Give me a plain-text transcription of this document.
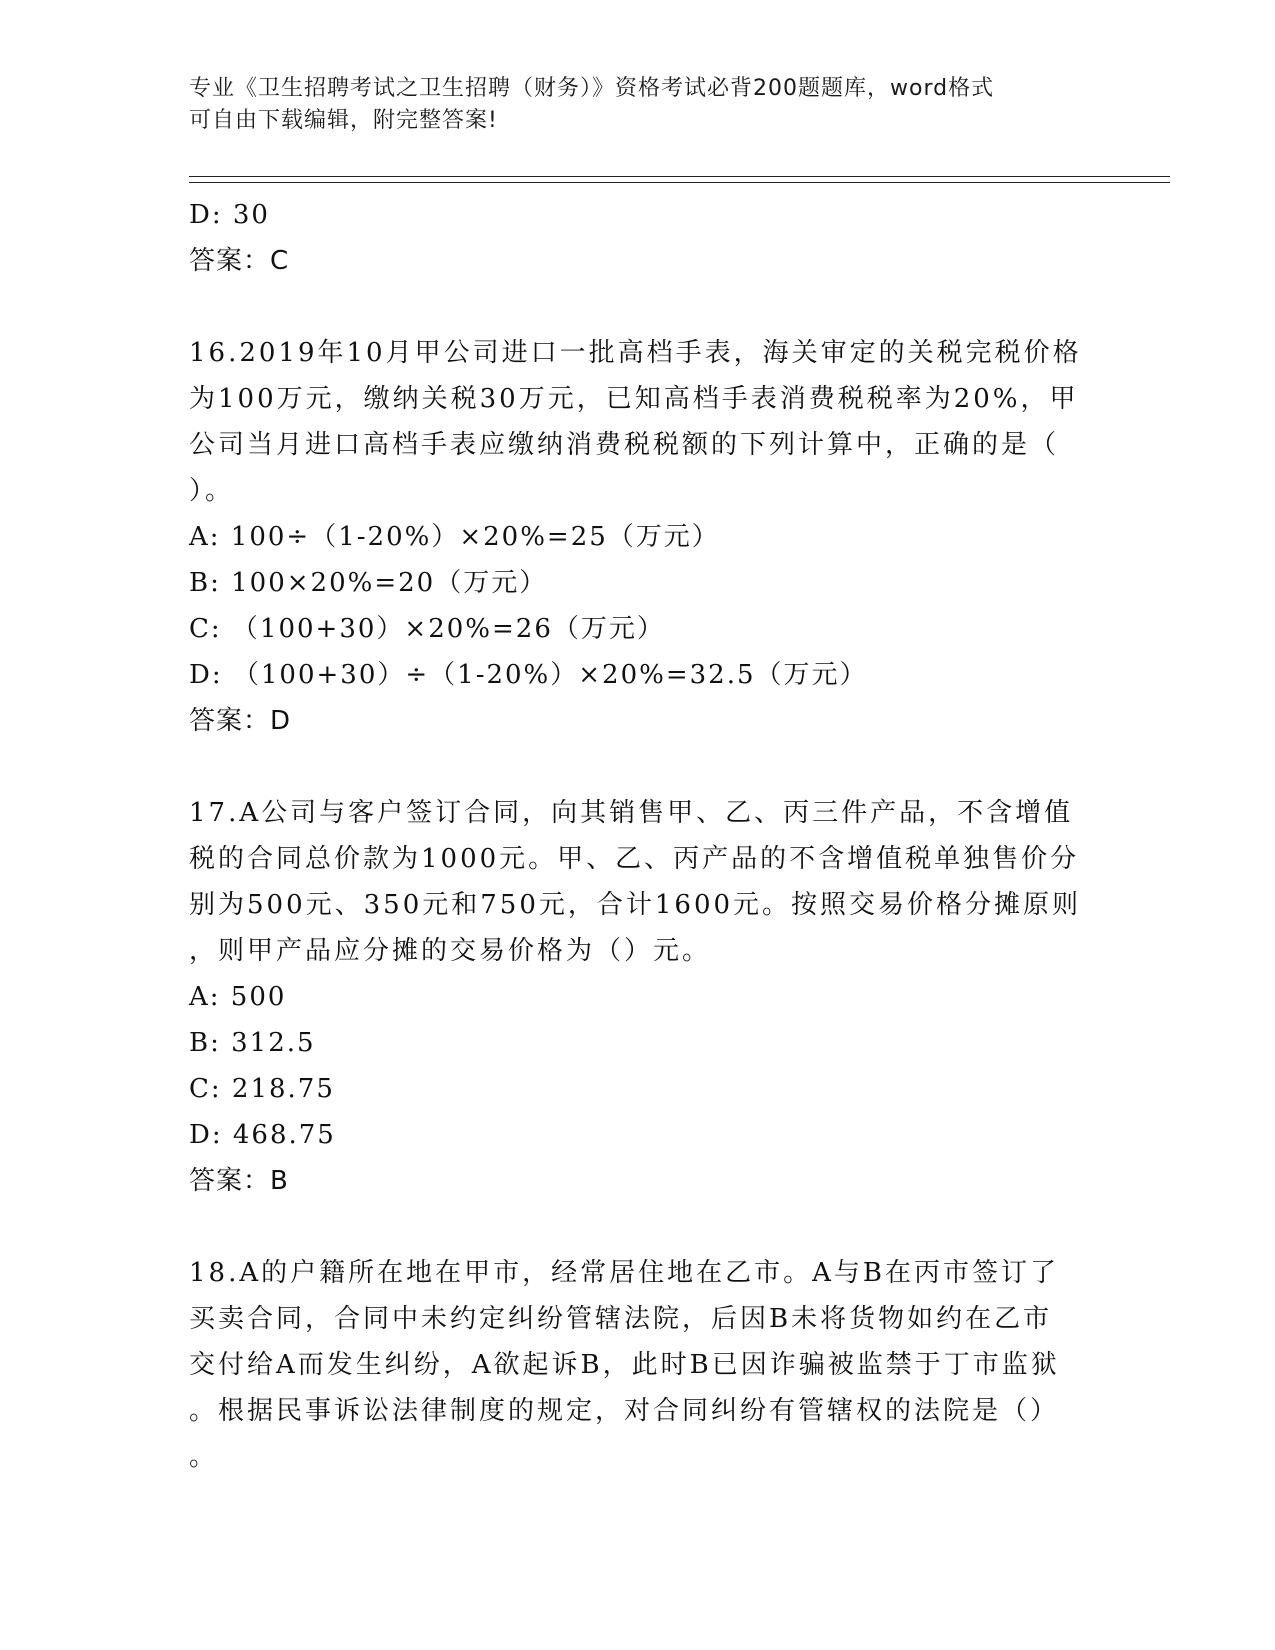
专业《卫生招聘考试之卫生招聘（财务）》资格考试必背200题题库，word格式
可自由下载编辑，附完整答案!
D: 30
答案：C
16.2019年10月甲公司进口一批高档手表，海关审定的关税完税价格
为100万元，缴纳关税30万元，已知高档手表消费税税率为20%，甲
公司当月进口高档手表应缴纳消费税税额的下列计算中，正确的是（
）。
A: 100÷（1-20%）×20%=25（万元）
B: 100×20%=20（万元）
C: （100+30）×20%=26（万元）
D: （100+30）÷（1-20%）×20%=32.5（万元）
答案：D
17.A公司与客户签订合同，向其销售甲、乙、丙三件产品，不含增值
税的合同总价款为1000元。甲、乙、丙产品的不含增值税单独售价分
别为500元、350元和750元，合计1600元。按照交易价格分摊原则
，则甲产品应分摊的交易价格为（）元。
A: 500
B: 312.5
C: 218.75
D: 468.75
答案：B
18.A的户籍所在地在甲市，经常居住地在乙市。A与B在丙市签订了
买卖合同，合同中未约定纠纷管辖法院，后因B未将货物如约在乙市
交付给A而发生纠纷，A欲起诉B，此时B已因诈骗被监禁于丁市监狱
。根据民事诉讼法律制度的规定，对合同纠纷有管辖权的法院是（）
。
